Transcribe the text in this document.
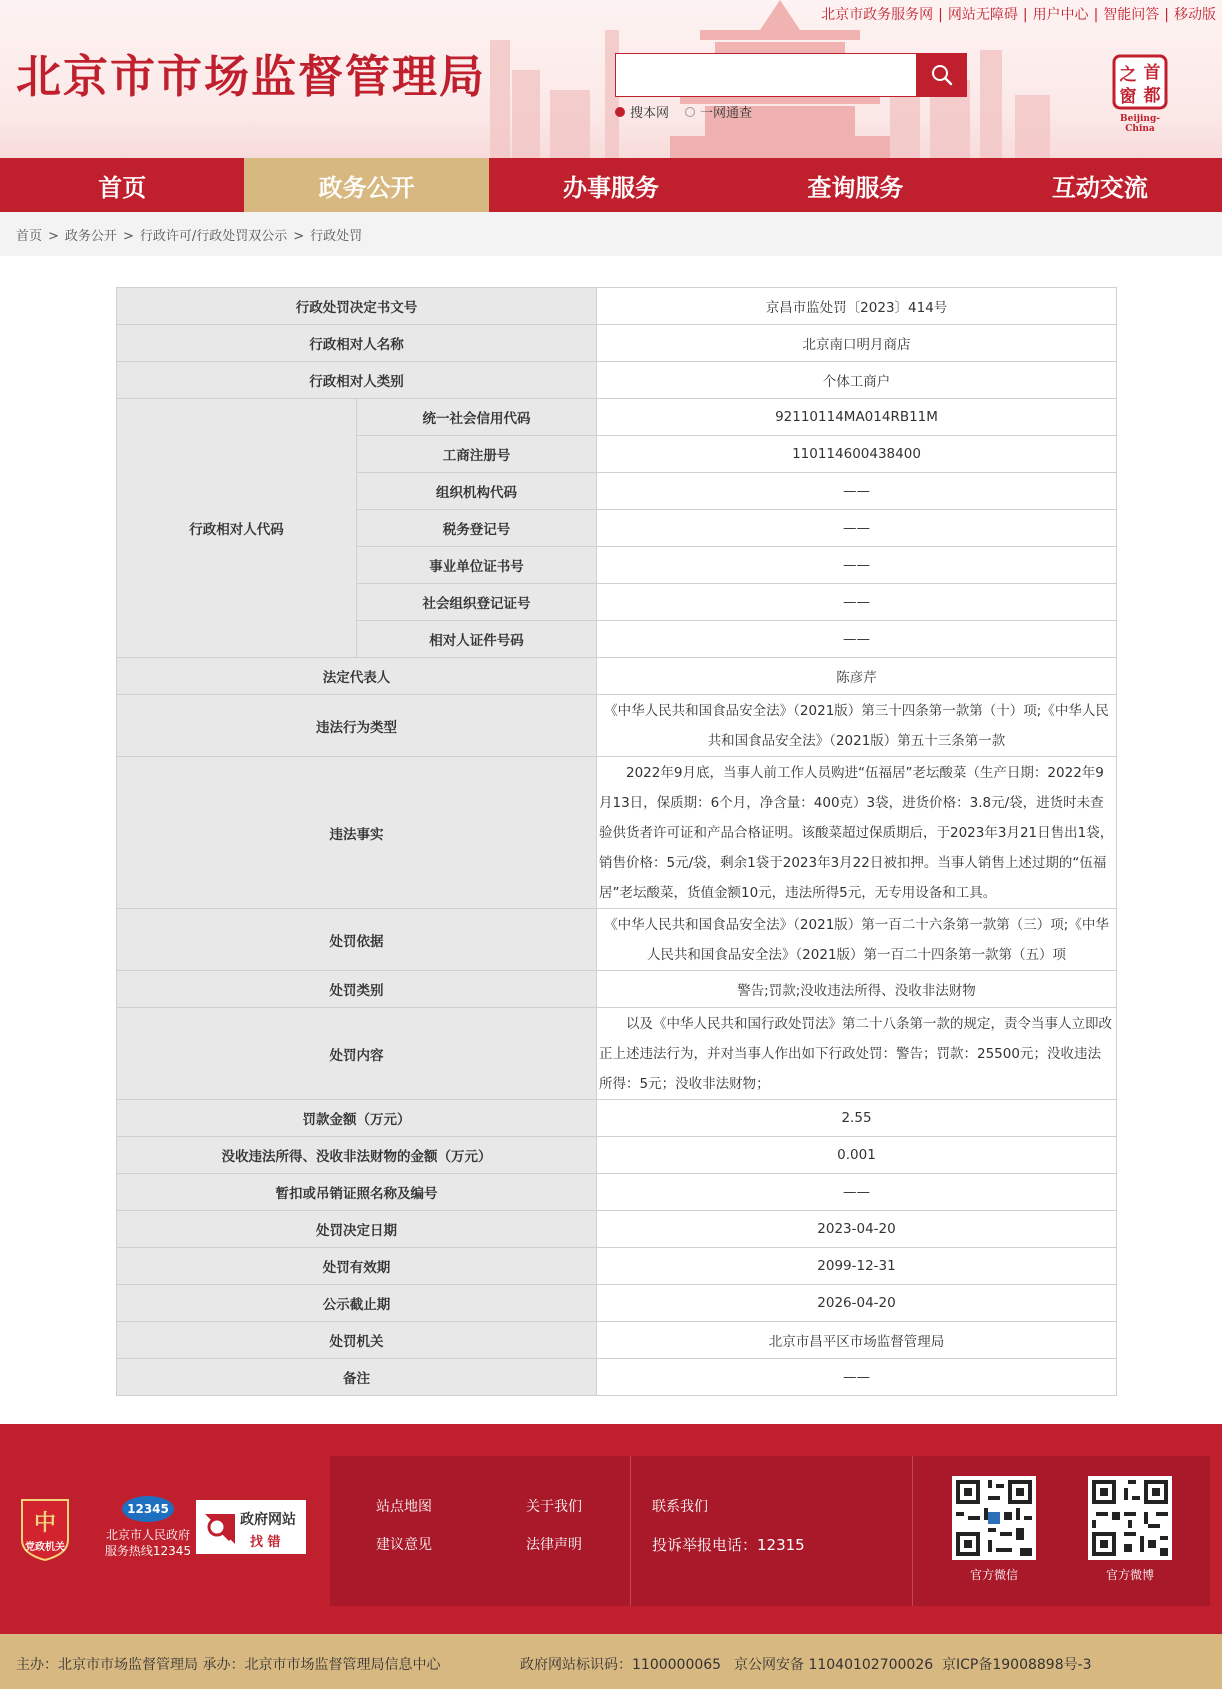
北京市政务服务网 | 网站无障碍 | 用户中心 | 智能问答 | 移动版
北京市市场监督管理局
搜本网 一网通查
之 首
窗 都
Beijing-China
首页	政务公开	办事服务	查询服务	互动交流
首页 > 政务公开 > 行政许可/行政处罚双公示 > 行政处罚
行政处罚决定书文号		京昌市监处罚〔2023〕414号
行政相对人名称		北京南口明月商店
行政相对人类别		个体工商户
行政相对人代码	统一社会信用代码	92110114MA014RB11M
	工商注册号	110114600438400
	组织机构代码	——
	税务登记号	——
	事业单位证书号	——
	社会组织登记证号	——
	相对人证件号码	——
法定代表人		陈彦芹
违法行为类型		《中华人民共和国食品安全法》（2021版）第三十四条第一款第（十）项;《中华人民共和国食品安全法》（2021版）第五十三条第一款
违法事实		2022年9月底，当事人前工作人员购进“伍福居”老坛酸菜（生产日期：2022年9月13日，保质期：6个月，净含量：400克）3袋，进货价格：3.8元/袋，进货时未查验供货者许可证和产品合格证明。该酸菜超过保质期后，于2023年3月21日售出1袋，销售价格：5元/袋，剩余1袋于2023年3月22日被扣押。当事人销售上述过期的“伍福居”老坛酸菜，货值金额10元，违法所得5元，无专用设备和工具。
处罚依据		《中华人民共和国食品安全法》（2021版）第一百二十六条第一款第（三）项;《中华人民共和国食品安全法》（2021版）第一百二十四条第一款第（五）项
处罚类别		警告;罚款;没收违法所得、没收非法财物
处罚内容		以及《中华人民共和国行政处罚法》第二十八条第一款的规定，责令当事人立即改正上述违法行为，并对当事人作出如下行政处罚：警告；罚款：25500元；没收违法所得：5元；没收非法财物；
罚款金额（万元）		2.55
没收违法所得、没收非法财物的金额（万元）		0.001
暂扣或吊销证照名称及编号		——
处罚决定日期		2023-04-20
处罚有效期		2099-12-31
公示截止期		2026-04-20
处罚机关		北京市昌平区市场监督管理局
备注		——
中
党政机关
12345
北京市人民政府
服务热线12345
政府网站
找 错
站点地图	关于我们
建议意见	法律声明
联系我们
投诉举报电话：12315
官方微信	官方微博
主办：北京市市场监督管理局 承办：北京市市场监督管理局信息中心	政府网站标识码：1100000065 京公网安备 11040102700026 京ICP备19008898号-3
